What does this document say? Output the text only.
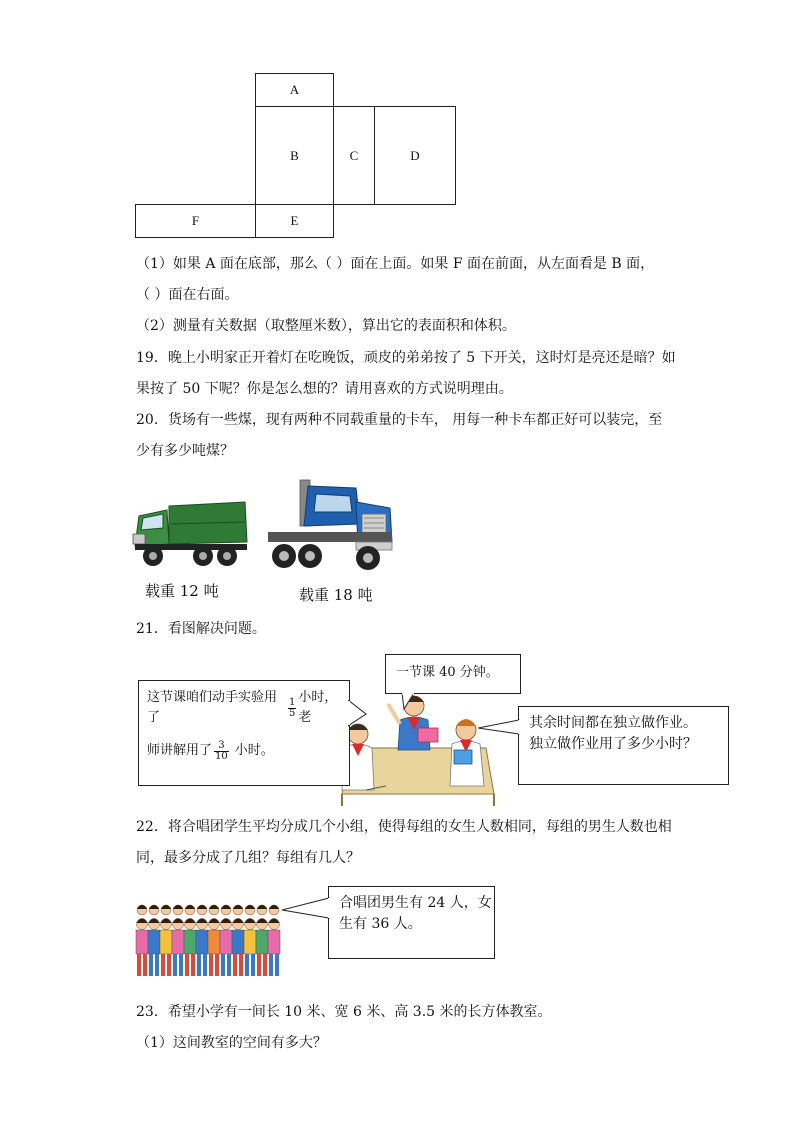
A
B	C	D
F	E
（1）如果 A 面在底部，那么（ ）面在上面。如果 F 面在前面，从左面看是 B 面，
（ ）面在右面。
（2）测量有关数据（取整厘米数），算出它的表面积和体积。
19．晚上小明家正开着灯在吃晚饭，顽皮的弟弟按了 5 下开关，这时灯是亮还是暗？如
果按了 50 下呢？你是怎么想的？请用喜欢的方式说明理由。
20．货场有一些煤，现有两种不同载重量的卡车， 用每一种卡车都正好可以装完，至
少有多少吨煤？
载重 12 吨	载重 18 吨
21．看图解决问题。
一节课 40 分钟。
这节课咱们动手实验用了	$\frac{1}{5}$ 小时，老
师讲解用了 $\frac{3}{10}$ 小时。
其余时间都在独立做作业。
独立做作业用了多少小时？
22．将合唱团学生平均分成几个小组，使得每组的女生人数相同，每组的男生人数也相
同，最多分成了几组？每组有几人？
合唱团男生有 24 人，女
生有 36 人。
23．希望小学有一间长 10 米、宽 6 米、高 3.5 米的长方体教室。
（1）这间教室的空间有多大？
